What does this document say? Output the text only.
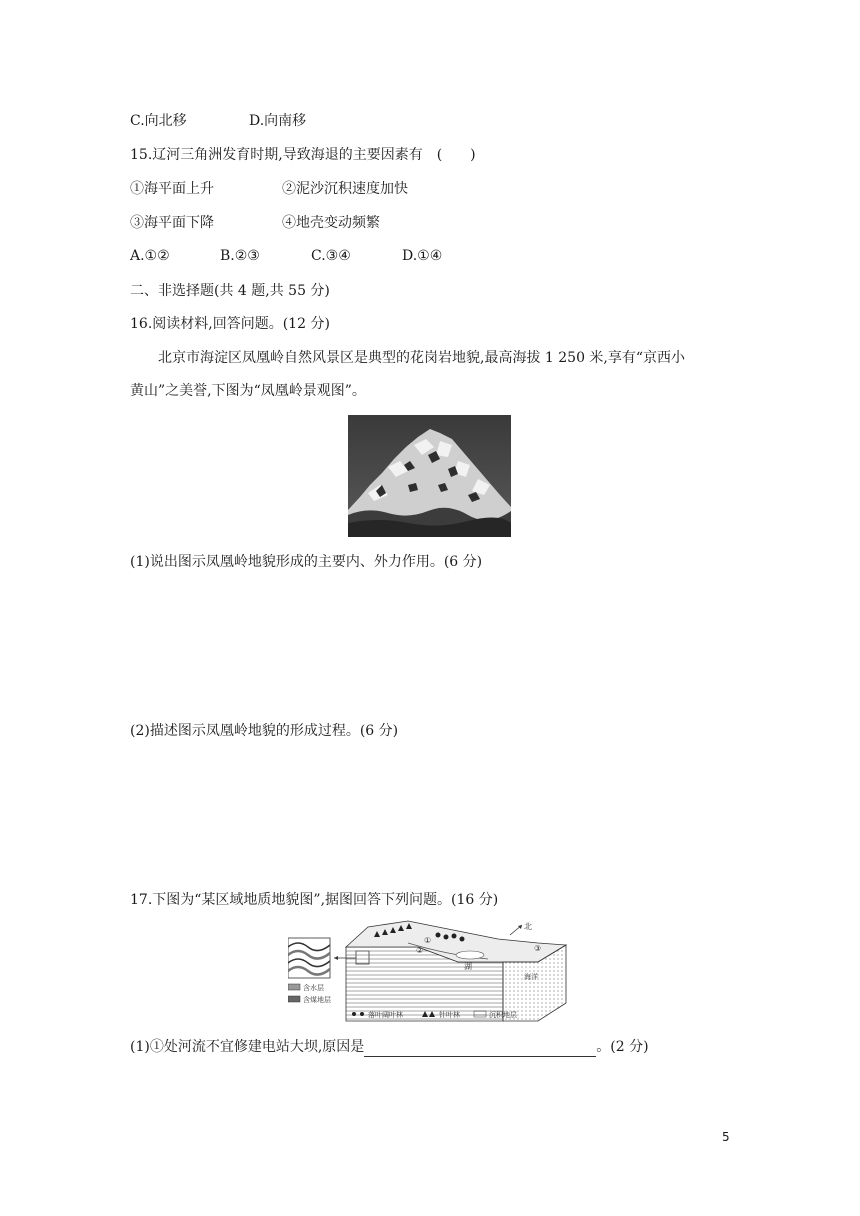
C.向北移	D.向南移
15.辽河三角洲发育时期,导致海退的主要因素有　(　　)
①海平面上升	②泥沙沉积速度加快
③海平面下降	④地壳变动频繁
A.①②	B.②③	C.③④	D.①④
二、非选择题(共 4 题,共 55 分)
16.阅读材料,回答问题。(12 分)
北京市海淀区凤凰岭自然风景区是典型的花岗岩地貌,最高海拔 1 250 米,享有“京西小
黄山”之美誉,下图为“凤凰岭景观图”。
(1)说出图示凤凰岭地貌形成的主要内、外力作用。(6 分)
(2)描述图示凤凰岭地貌的形成过程。(6 分)
17.下图为“某区域地质地貌图”,据图回答下列问题。(16 分)
北
①
②	③
湖
海洋
含水层
含煤地层
落叶阔叶林	针叶林	沉积地层
(1)①处河流不宜修建电站大坝,原因是	。(2 分)
5
